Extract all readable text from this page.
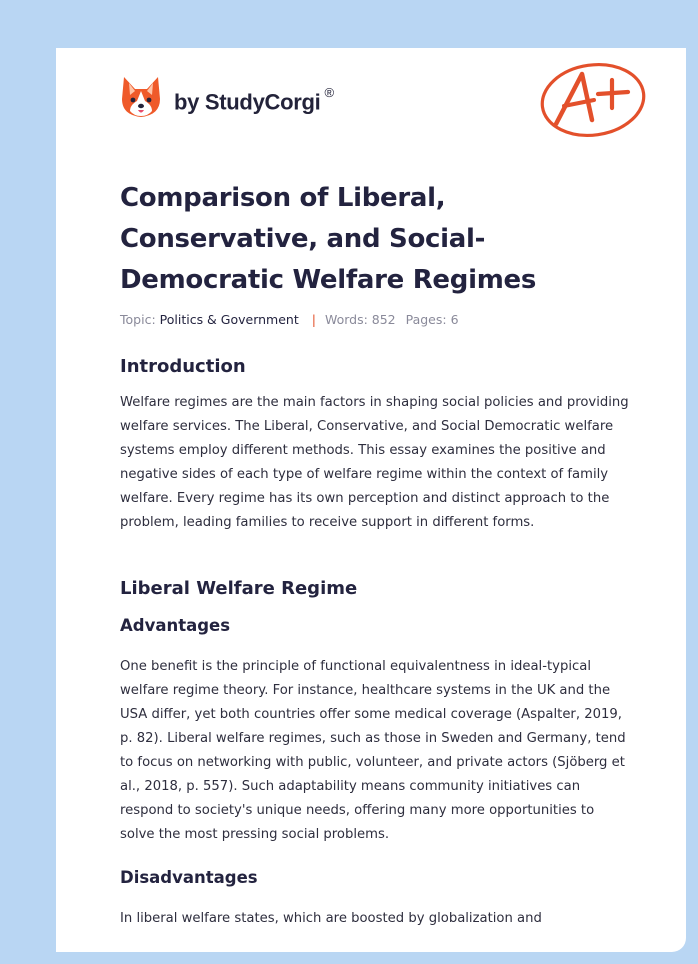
by StudyCorgi ®
Comparison of Liberal, Conservative, and Social-Democratic Welfare Regimes
Topic: Politics & Government | Words: 852 Pages: 6
Introduction

Welfare regimes are the main factors in shaping social policies and providing welfare services. The Liberal, Conservative, and Social Democratic welfare systems employ different methods. This essay examines the positive and negative sides of each type of welfare regime within the context of family welfare. Every regime has its own perception and distinct approach to the problem, leading families to receive support in different forms.

Liberal Welfare Regime
Advantages

One benefit is the principle of functional equivalentness in ideal-typical welfare regime theory. For instance, healthcare systems in the UK and the USA differ, yet both countries offer some medical coverage (Aspalter, 2019, p. 82). Liberal welfare regimes, such as those in Sweden and Germany, tend to focus on networking with public, volunteer, and private actors (Sjöberg et al., 2018, p. 557). Such adaptability means community initiatives can respond to society's unique needs, offering many more opportunities to solve the most pressing social problems.

Disadvantages

In liberal welfare states, which are boosted by globalization and
